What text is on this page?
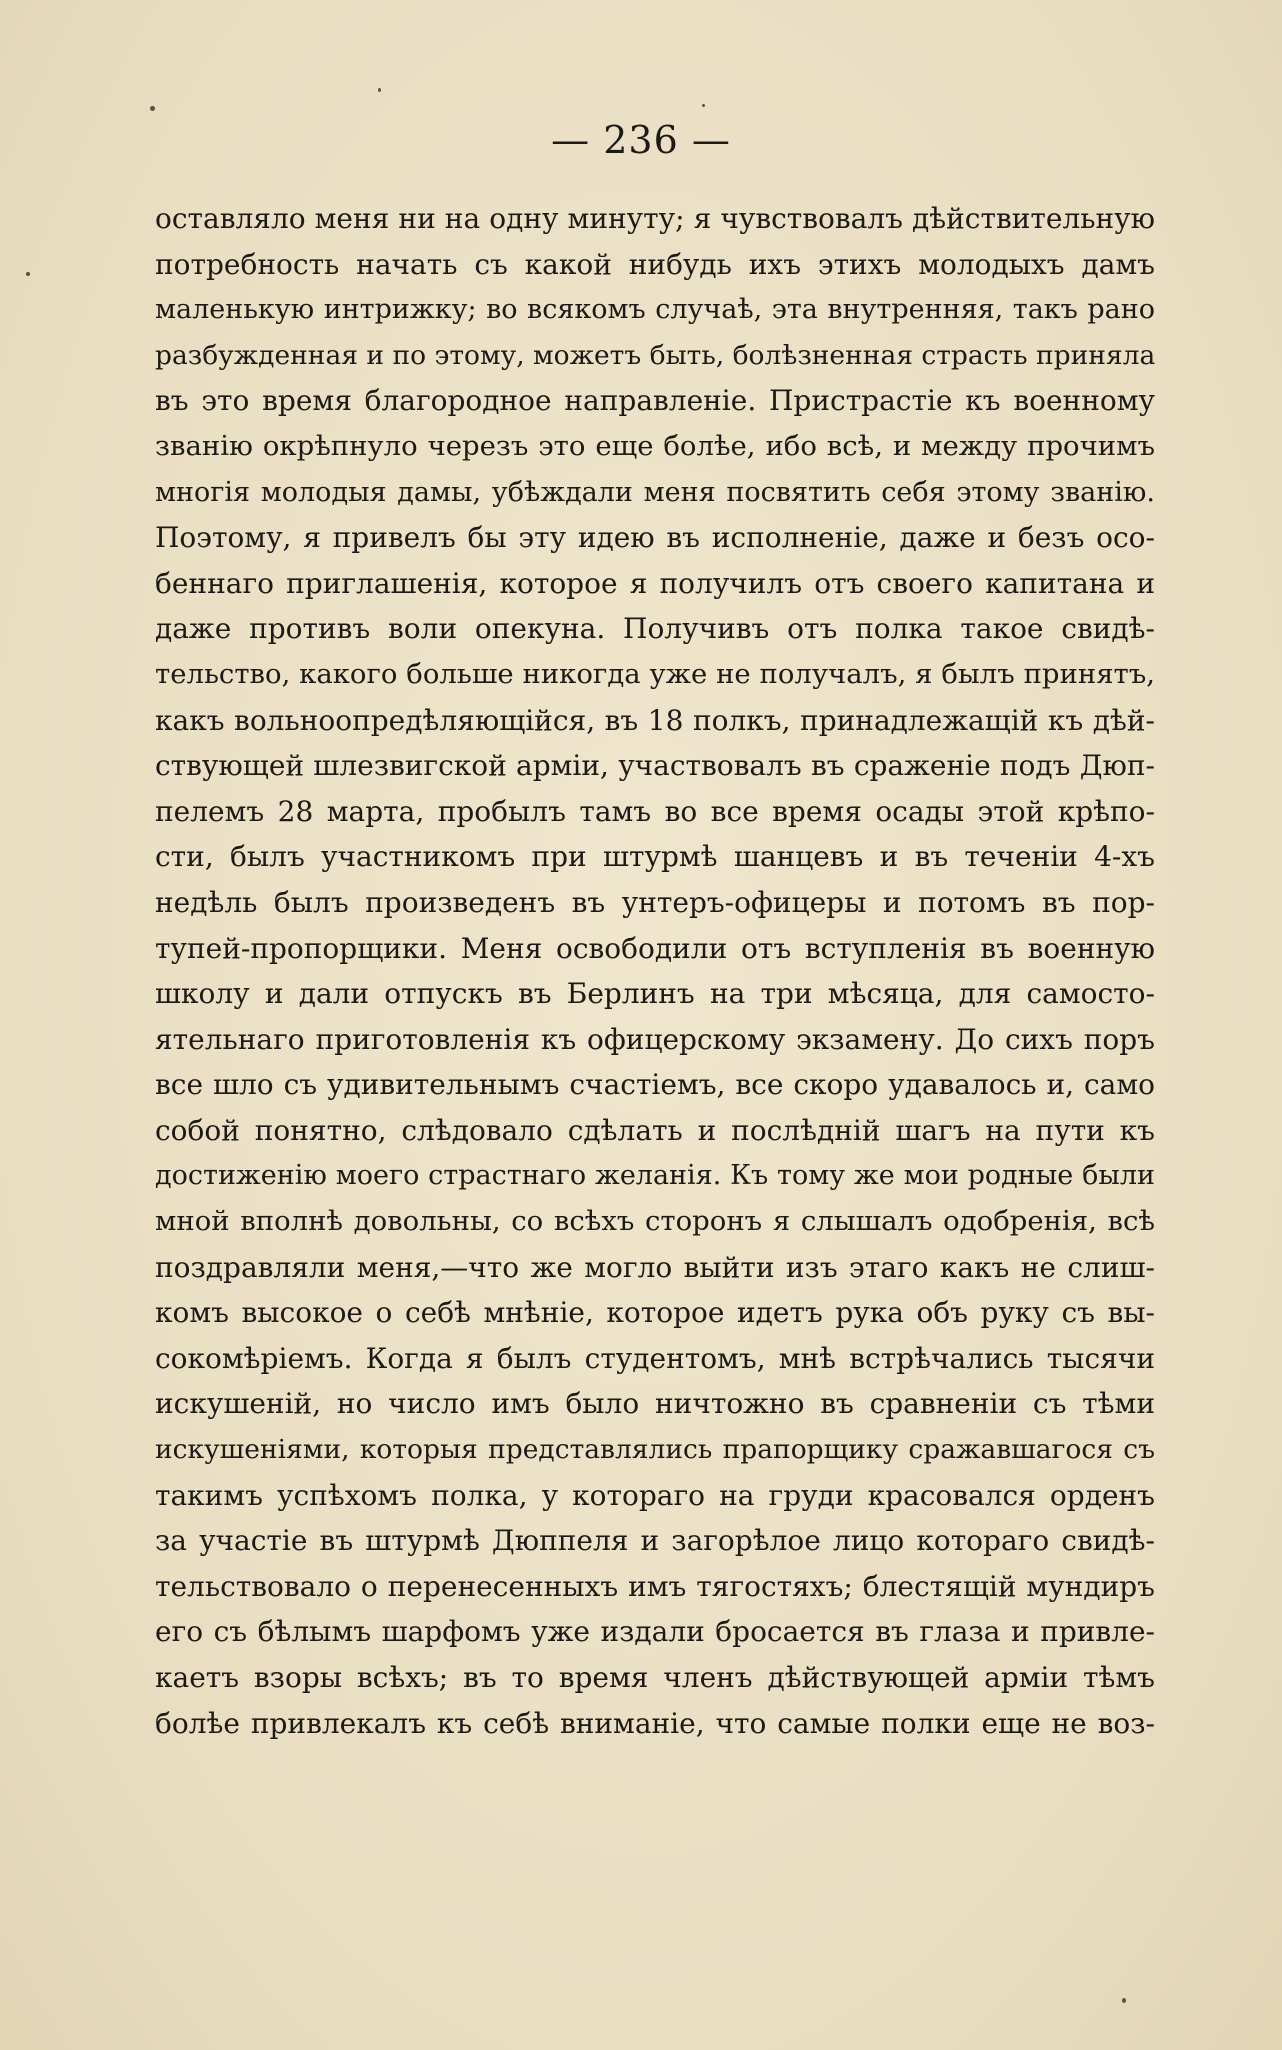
— 236 —
оставляло меня ни на одну минуту; я чувствовалъ дѣйствительную
потребность начать съ какой нибудь ихъ этихъ молодыхъ дамъ
маленькую интрижку; во всякомъ случаѣ, эта внутренняя, такъ рано
разбужденная и по этому, можетъ быть, болѣзненная страсть приняла
въ это время благородное направленіе. Пристрастіе къ военному
званію окрѣпнуло черезъ это еще болѣе, ибо всѣ, и между прочимъ
многія молодыя дамы, убѣждали меня посвятить себя этому званію.
Поэтому, я привелъ бы эту идею въ исполненіе, даже и безъ осо-
беннаго приглашенія, которое я получилъ отъ своего капитана и
даже противъ воли опекуна. Получивъ отъ полка такое свидѣ-
тельство, какого больше никогда уже не получалъ, я былъ принятъ,
какъ вольноопредѣляющійся, въ 18 полкъ, принадлежащій къ дѣй-
ствующей шлезвигской арміи, участвовалъ въ сраженіе подъ Дюп-
пелемъ 28 марта, пробылъ тамъ во все время осады этой крѣпо-
сти, былъ участникомъ при штурмѣ шанцевъ и въ теченіи 4-хъ
недѣль былъ произведенъ въ унтеръ-офицеры и потомъ въ пор-
тупей-пропорщики. Меня освободили отъ вступленія въ военную
школу и дали отпускъ въ Берлинъ на три мѣсяца, для самосто-
ятельнаго приготовленія къ офицерскому экзамену. До сихъ поръ
все шло съ удивительнымъ счастіемъ, все скоро удавалось и, само
собой понятно, слѣдовало сдѣлать и послѣдній шагъ на пути къ
достиженію моего страстнаго желанія. Къ тому же мои родные были
мной вполнѣ довольны, со всѣхъ сторонъ я слышалъ одобренія, всѣ
поздравляли меня,—что же могло выйти изъ этаго какъ не слиш-
комъ высокое о себѣ мнѣніе, которое идетъ рука объ руку съ вы-
сокомѣріемъ. Когда я былъ студентомъ, мнѣ встрѣчались тысячи
искушеній, но число имъ было ничтожно въ сравненіи съ тѣми
искушеніями, которыя представлялись прапорщику сражавшагося съ
такимъ успѣхомъ полка, у котораго на груди красовался орденъ
за участіе въ штурмѣ Дюппеля и загорѣлое лицо котораго свидѣ-
тельствовало о перенесенныхъ имъ тягостяхъ; блестящій мундиръ
его съ бѣлымъ шарфомъ уже издали бросается въ глаза и привле-
каетъ взоры всѣхъ; въ то время членъ дѣйствующей арміи тѣмъ
болѣе привлекалъ къ себѣ вниманіе, что самые полки еще не воз-
